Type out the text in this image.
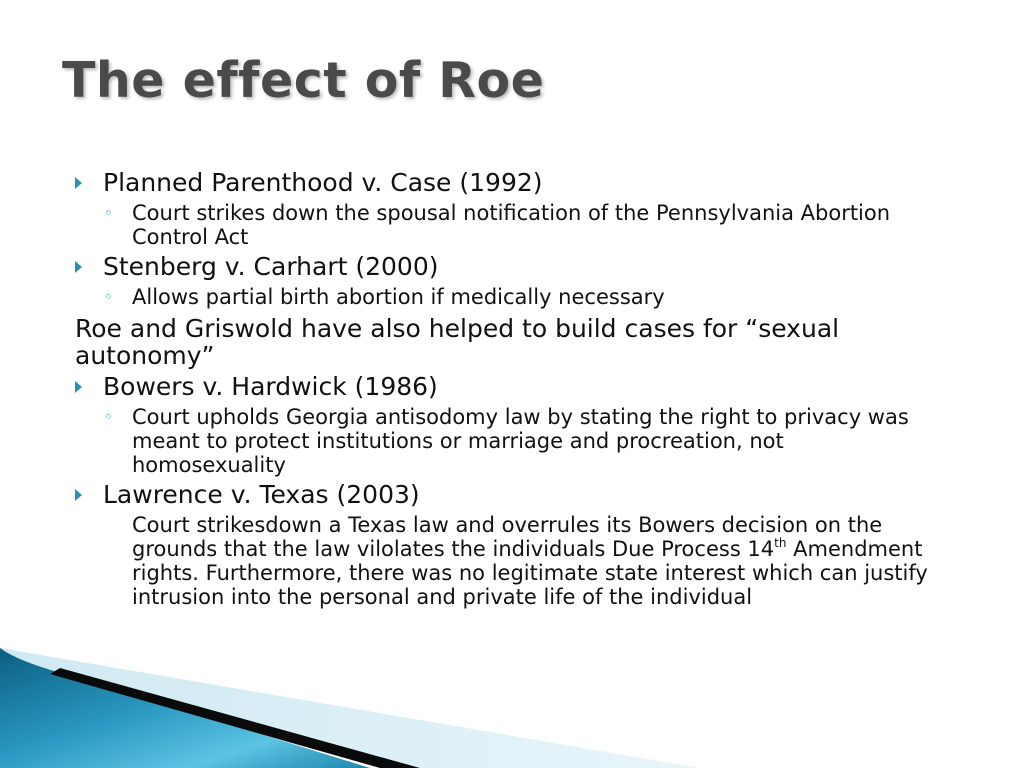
The effect of Roe
Planned Parenthood v. Case (1992)
◦ Court strikes down the spousal notification of the Pennsylvania Abortion Control Act
Stenberg v. Carhart (2000)
◦ Allows partial birth abortion if medically necessary
Roe and Griswold have also helped to build cases for “sexual autonomy”
Bowers v. Hardwick (1986)
◦ Court upholds Georgia antisodomy law by stating the right to privacy was meant to protect institutions or marriage and procreation, not homosexuality
Lawrence v. Texas (2003)
Court strikesdown a Texas law and overrules its Bowers decision on the grounds that the law vilolates the individuals Due Process 14th Amendment rights. Furthermore, there was no legitimate state interest which can justify intrusion into the personal and private life of the individual
